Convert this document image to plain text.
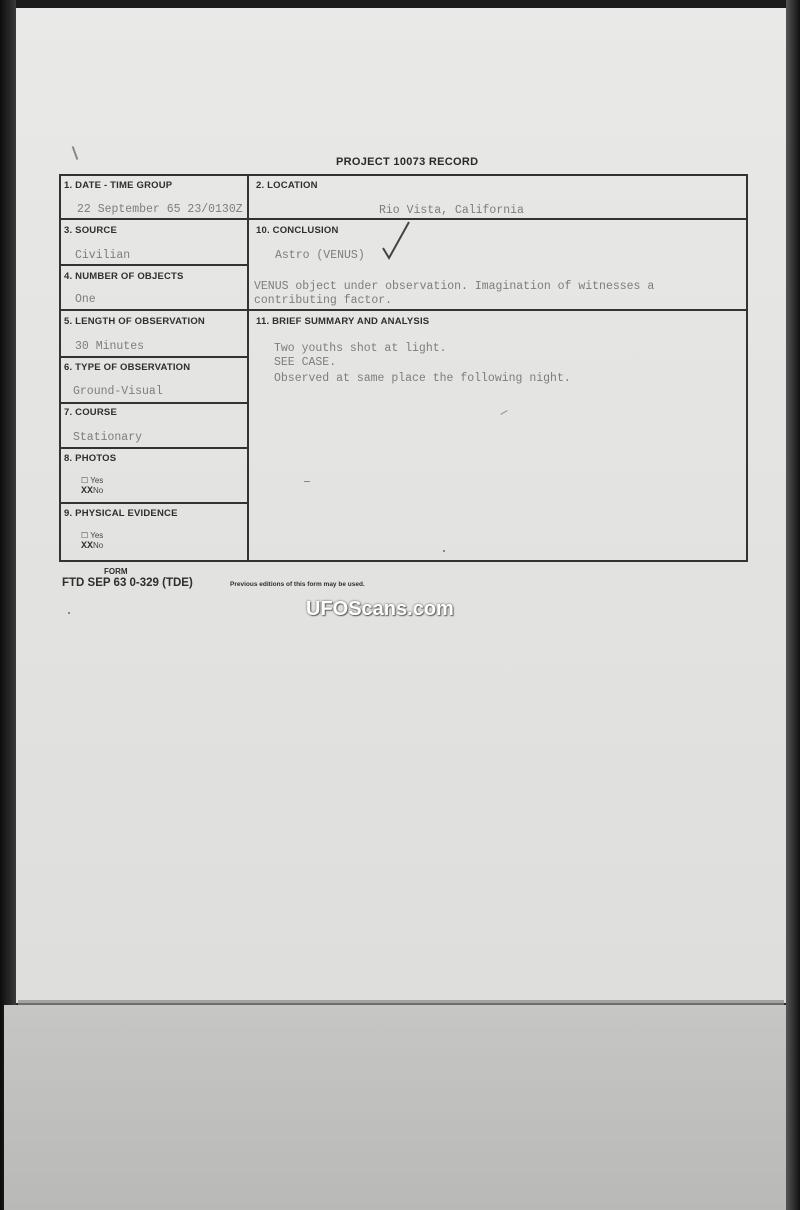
PROJECT 10073 RECORD
1. DATE - TIME GROUP
22 September 65 23/0130Z
2. LOCATION
Rio Vista, California
3. SOURCE
Civilian
10. CONCLUSION
Astro (VENUS)
VENUS object under observation. Imagination of witnesses a
contributing factor.
4. NUMBER OF OBJECTS
One
5. LENGTH OF OBSERVATION
30 Minutes
11. BRIEF SUMMARY AND ANALYSIS
Two youths shot at light.
SEE CASE.
Observed at same place the following night.
6. TYPE OF OBSERVATION
Ground-Visual
7. COURSE
Stationary
8. PHOTOS
☐ Yes
XXNo
9. PHYSICAL EVIDENCE
☐ Yes
XXNo
FORM
FTD SEP 63 0-329 (TDE)	Previous editions of this form may be used.
UFOScans.com
